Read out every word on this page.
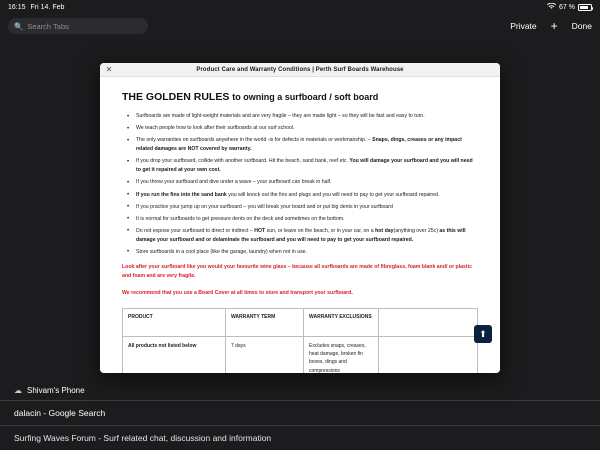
16:15 Fri 14. Feb	67 %
🔍 Search Tabs	Private + Done
✕	Product Care and Warranty Conditions | Perth Surf Boards Warehouse
THE GOLDEN RULES to owning a surfboard / soft board
• Surfboards are made of light-weight materials and are very fragile – they are made light – so they will be fast and easy to turn.
• We teach people how to look after their surfboards at our surf school.
• The only warranties on surfboards anywhere in the world -is for defects in materials or workmanship. – Snaps, dings, creases or any impact related damages are NOT covered by warranty.
• If you drop your surfboard, collide with another surfboard. Hit the beach, sand bank, reef etc. You will damage your surfboard and you will need to get it repaired at your own cost.
• If you throw your surfboard and dive under a wave – your surfboard can break in half.
• If you run the fins into the sand bank you will knock out the fins and plugs and you will need to pay to get your surfboard repaired.
• If you practice your jump up on your surfboard – you will break your board and or put big dents in your surfboard
• It is normal for surfboards to get pressure dents on the deck and sometimes on the bottom.
• Do not expose your surfboard to direct or indirect – HOT sun, or leave on the beach, or in your car, on a hot day(anything over 25c) as this will damage your surfboard and or delaminate the surfboard and you will need to pay to get your surfboard repaired.
• Store surfboards in a cool place (like the garage, laundry) when not in use.

Look after your surfboard like you would your favourite wine glass – because all surfboards are made of fibreglass, foam blank and/ or plastic and foam and are very fragile.

We recommend that you use a Board Cover at all times to store and transport your surfboard.

PRODUCT	WARRANTY TERM	WARRANTY EXCLUSIONS	
All products not listed below	7 days	Excludes snaps, creases, heat damage, broken fin boxes, dings and compressions	
⬆
☁ Shivam's Phone
dalacin - Google Search
Surfing Waves Forum - Surf related chat, discussion and information
